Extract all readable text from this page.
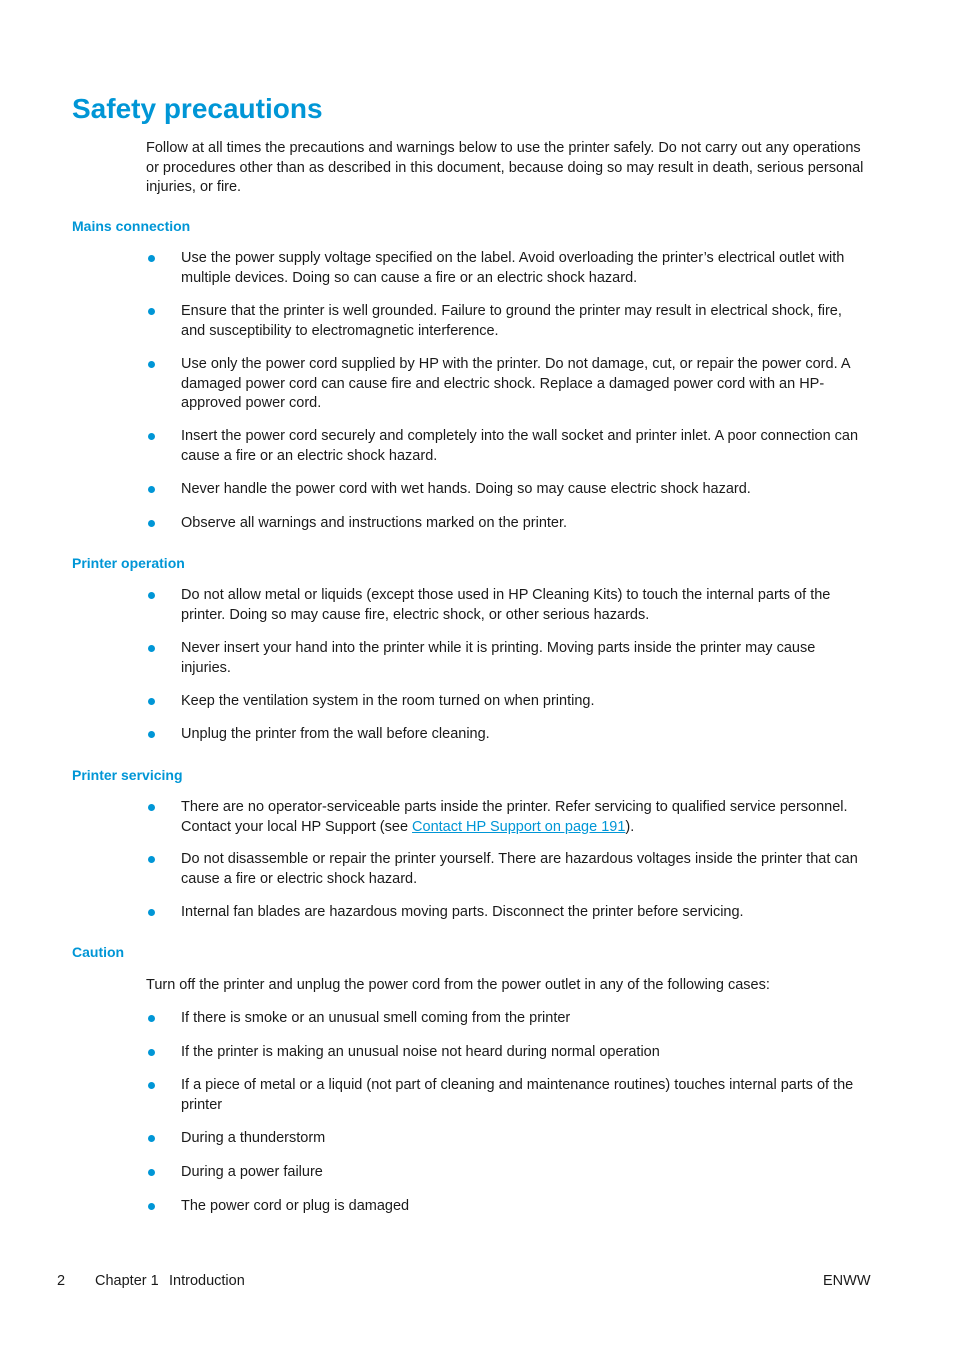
Safety precautions

Follow at all times the precautions and warnings below to use the printer safely. Do not carry out any operations or procedures other than as described in this document, because doing so may result in death, serious personal injuries, or fire.

Mains connection
Use the power supply voltage specified on the label. Avoid overloading the printer’s electrical outlet with multiple devices. Doing so can cause a fire or an electric shock hazard.
Ensure that the printer is well grounded. Failure to ground the printer may result in electrical shock, fire, and susceptibility to electromagnetic interference.
Use only the power cord supplied by HP with the printer. Do not damage, cut, or repair the power cord. A damaged power cord can cause fire and electric shock. Replace a damaged power cord with an HP-approved power cord.
Insert the power cord securely and completely into the wall socket and printer inlet. A poor connection can cause a fire or an electric shock hazard.
Never handle the power cord with wet hands. Doing so may cause electric shock hazard.
Observe all warnings and instructions marked on the printer.
Printer operation
Do not allow metal or liquids (except those used in HP Cleaning Kits) to touch the internal parts of the printer. Doing so may cause fire, electric shock, or other serious hazards.
Never insert your hand into the printer while it is printing. Moving parts inside the printer may cause injuries.
Keep the ventilation system in the room turned on when printing.
Unplug the printer from the wall before cleaning.
Printer servicing
There are no operator-serviceable parts inside the printer. Refer servicing to qualified service personnel. Contact your local HP Support (see Contact HP Support on page 191).
Do not disassemble or repair the printer yourself. There are hazardous voltages inside the printer that can cause a fire or electric shock hazard.
Internal fan blades are hazardous moving parts. Disconnect the printer before servicing.
Caution

Turn off the printer and unplug the power cord from the power outlet in any of the following cases:

If there is smoke or an unusual smell coming from the printer
If the printer is making an unusual noise not heard during normal operation
If a piece of metal or a liquid (not part of cleaning and maintenance routines) touches internal parts of the printer
During a thunderstorm
During a power failure
The power cord or plug is damaged
2 Chapter 1 Introduction	ENWW
